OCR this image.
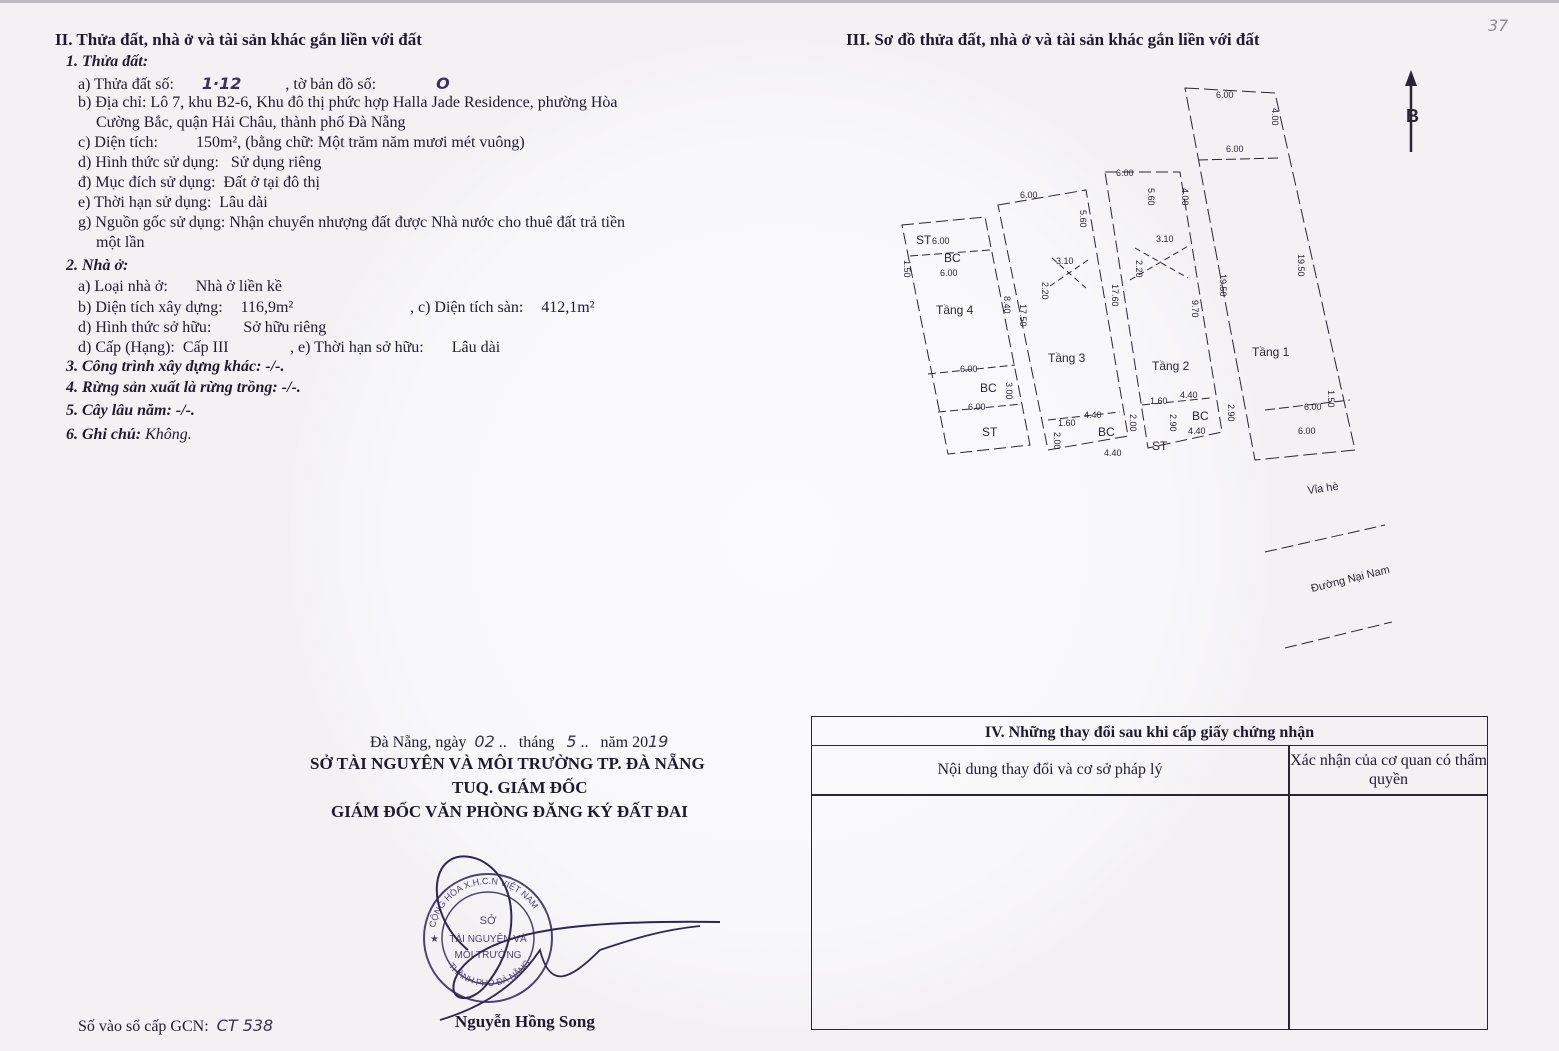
II. Thửa đất, nhà ở và tài sản khác gắn liền với đất
1. Thửa đất:
a) Thửa đất số: 1·12	, tờ bản đồ số:	O
b) Địa chỉ: Lô 7, khu B2-6, Khu đô thị phức hợp Halla Jade Residence, phường Hòa
Cường Bắc, quận Hải Châu, thành phố Đà Nẵng
c) Diện tích: 150m², (bằng chữ: Một trăm năm mươi mét vuông)
d) Hình thức sử dụng: Sử dụng riêng
đ) Mục đích sử dụng: Đất ở tại đô thị
e) Thời hạn sử dụng: Lâu dài
g) Nguồn gốc sử dụng: Nhận chuyển nhượng đất được Nhà nước cho thuê đất trả tiền
một lần
2. Nhà ở:
a) Loại nhà ở: Nhà ở liền kề
b) Diện tích xây dựng: 116,9m²	, c) Diện tích sàn: 412,1m²
d) Hình thức sở hữu: Sở hữu riêng
d) Cấp (Hạng): Cấp III	, e) Thời hạn sở hữu: Lâu dài
3. Công trình xây dựng khác: -/-.
4. Rừng sản xuất là rừng trồng: -/-.
5. Cây lâu năm: -/-.
6. Ghi chú: Không.
Đà Nẵng, ngày 02 .. tháng 5 .. năm 2019
SỞ TÀI NGUYÊN VÀ MÔI TRƯỜNG TP. ĐÀ NẴNG
TUQ. GIÁM ĐỐC
GIÁM ĐỐC VĂN PHÒNG ĐĂNG KÝ ĐẤT ĐAI
CỘNG HÒA X.H.C.N VIỆT NAM
THÀNH PHỐ ĐÀ NẴNG
SỞ
TÀI NGUYÊN VÀ
MÔI TRƯỜNG
★
Nguyễn Hồng Song
Số vào sổ cấp GCN: CT 538
III. Sơ đồ thửa đất, nhà ở và tài sản khác gắn liền với đất
37
B
Tầng 1
Tầng 2
Tầng 3
Tầng 4
BC
ST
BC
ST	BC
BC
ST
6.00
6.00
6.00
6.00
6.00
6.00
6.00
6.00
6.00
6.00
4.00
4.00
19.50
19.50
9.70
17.60
17.50
8.40
5.60
5.60
3.10
3.10	2.20
2.20
1.50
1.50
3.00
1.60
1.60
4.40
4.40
4.40
4.40
2.00
2.00	2.90
2.90
Vỉa hè
Đường Nại Nam
IV. Những thay đổi sau khi cấp giấy chứng nhận
Nội dung thay đổi và cơ sở pháp lý
Xác nhận của cơ quan có thẩm quyền
